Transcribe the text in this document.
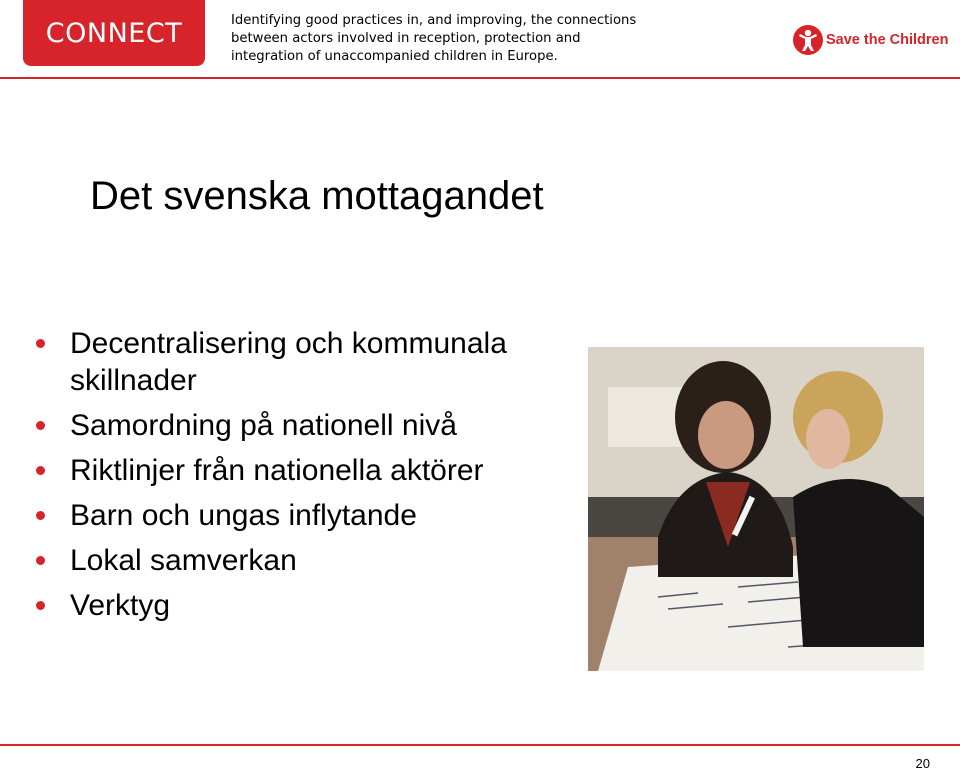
CONNECT	Identifying good practices in, and improving, the connections
between actors involved in reception, protection and
integration of unaccompanied children in Europe.
Save the Children
Det svenska mottagandet
Decentralisering och kommunala skillnader
Samordning på nationell nivå
Riktlinjer från nationella aktörer
Barn och ungas inflytande
Lokal samverkan
Verktyg
20
